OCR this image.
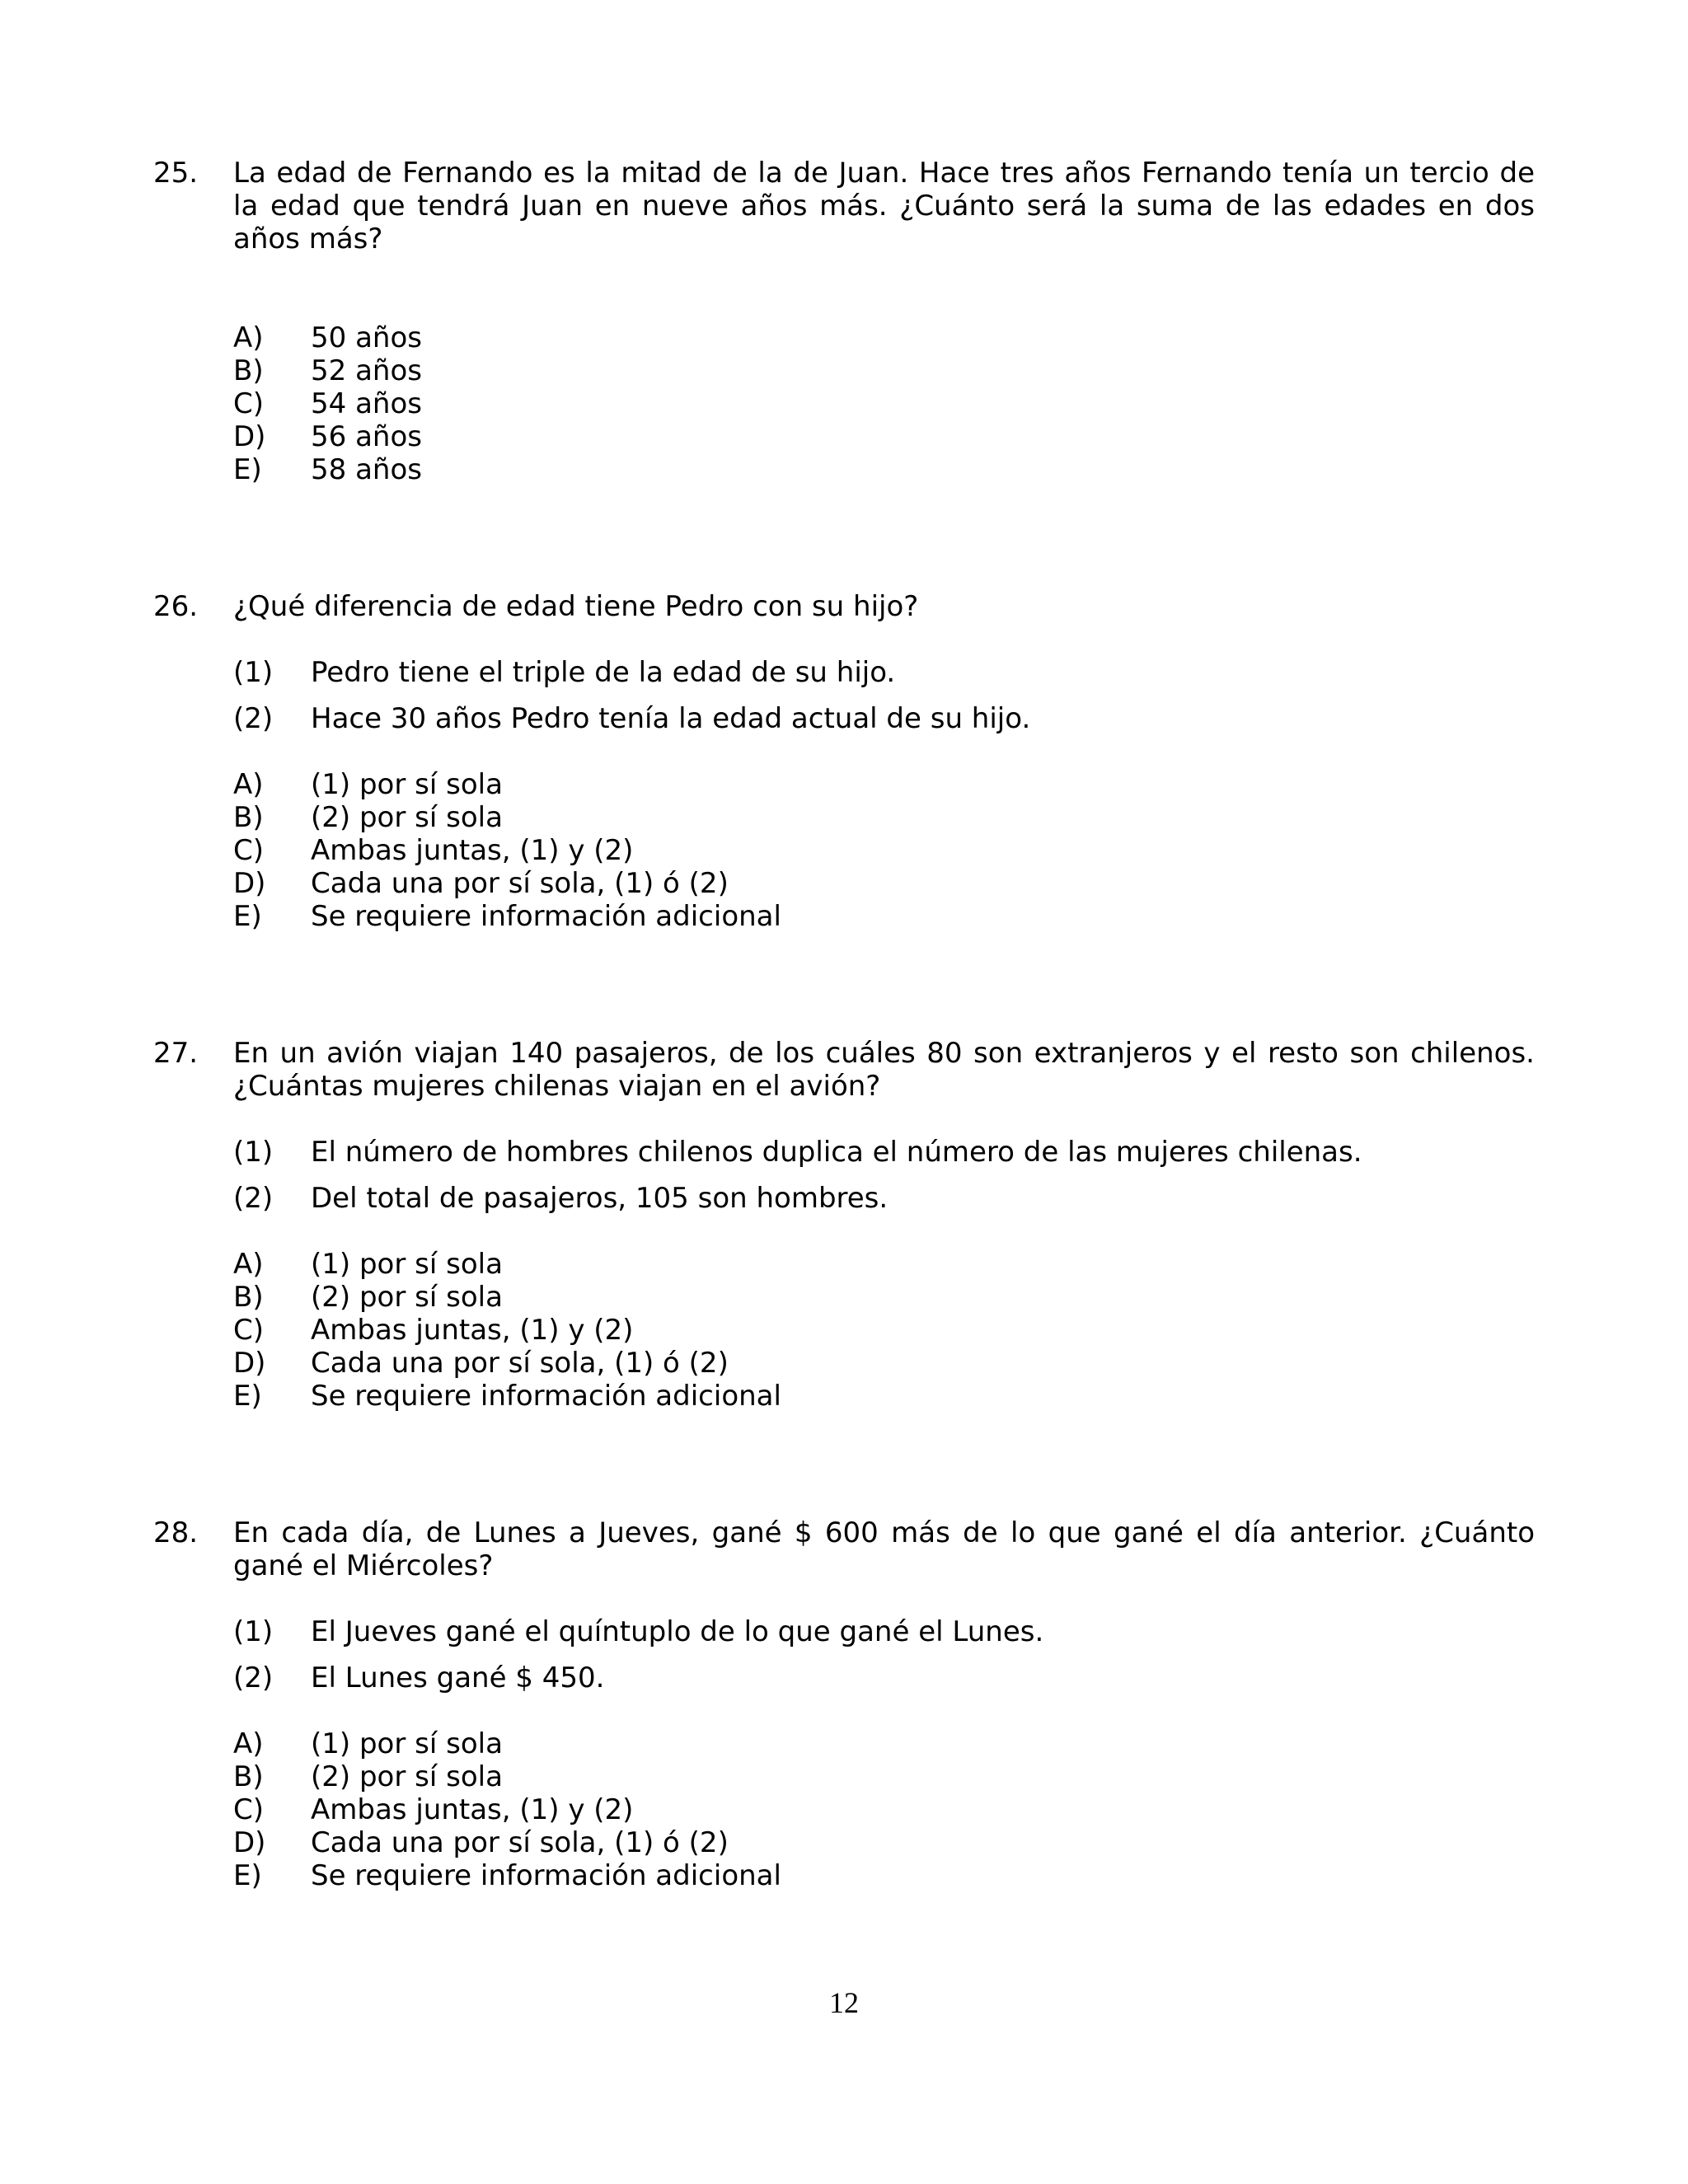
25.	La edad de Fernando es la mitad de la de Juan. Hace tres años Fernando tenía un tercio de la edad que tendrá Juan en nueve años más. ¿Cuánto será la suma de las edades en dos años más?
A)	50 años
B)	52 años
C)	54 años
D)	56 años
E)	58 años
26.	¿Qué diferencia de edad tiene Pedro con su hijo?
(1)	Pedro tiene el triple de la edad de su hijo.
(2)	Hace 30 años Pedro tenía la edad actual de su hijo.
A)	(1) por sí sola
B)	(2) por sí sola
C)	Ambas juntas, (1) y (2)
D)	Cada una por sí sola, (1) ó (2)
E)	Se requiere información adicional
27.	En un avión viajan 140 pasajeros, de los cuáles 80 son extranjeros y el resto son chilenos. ¿Cuántas mujeres chilenas viajan en el avión?
(1)	El número de hombres chilenos duplica el número de las mujeres chilenas.
(2)	Del total de pasajeros, 105 son hombres.
A)	(1) por sí sola
B)	(2) por sí sola
C)	Ambas juntas, (1) y (2)
D)	Cada una por sí sola, (1) ó (2)
E)	Se requiere información adicional
28.	En cada día, de Lunes a Jueves, gané $ 600 más de lo que gané el día anterior. ¿Cuánto gané el Miércoles?
(1)	El Jueves gané el quíntuplo de lo que gané el Lunes.
(2)	El Lunes gané $ 450.
A)	(1) por sí sola
B)	(2) por sí sola
C)	Ambas juntas, (1) y (2)
D)	Cada una por sí sola, (1) ó (2)
E)	Se requiere información adicional
12
